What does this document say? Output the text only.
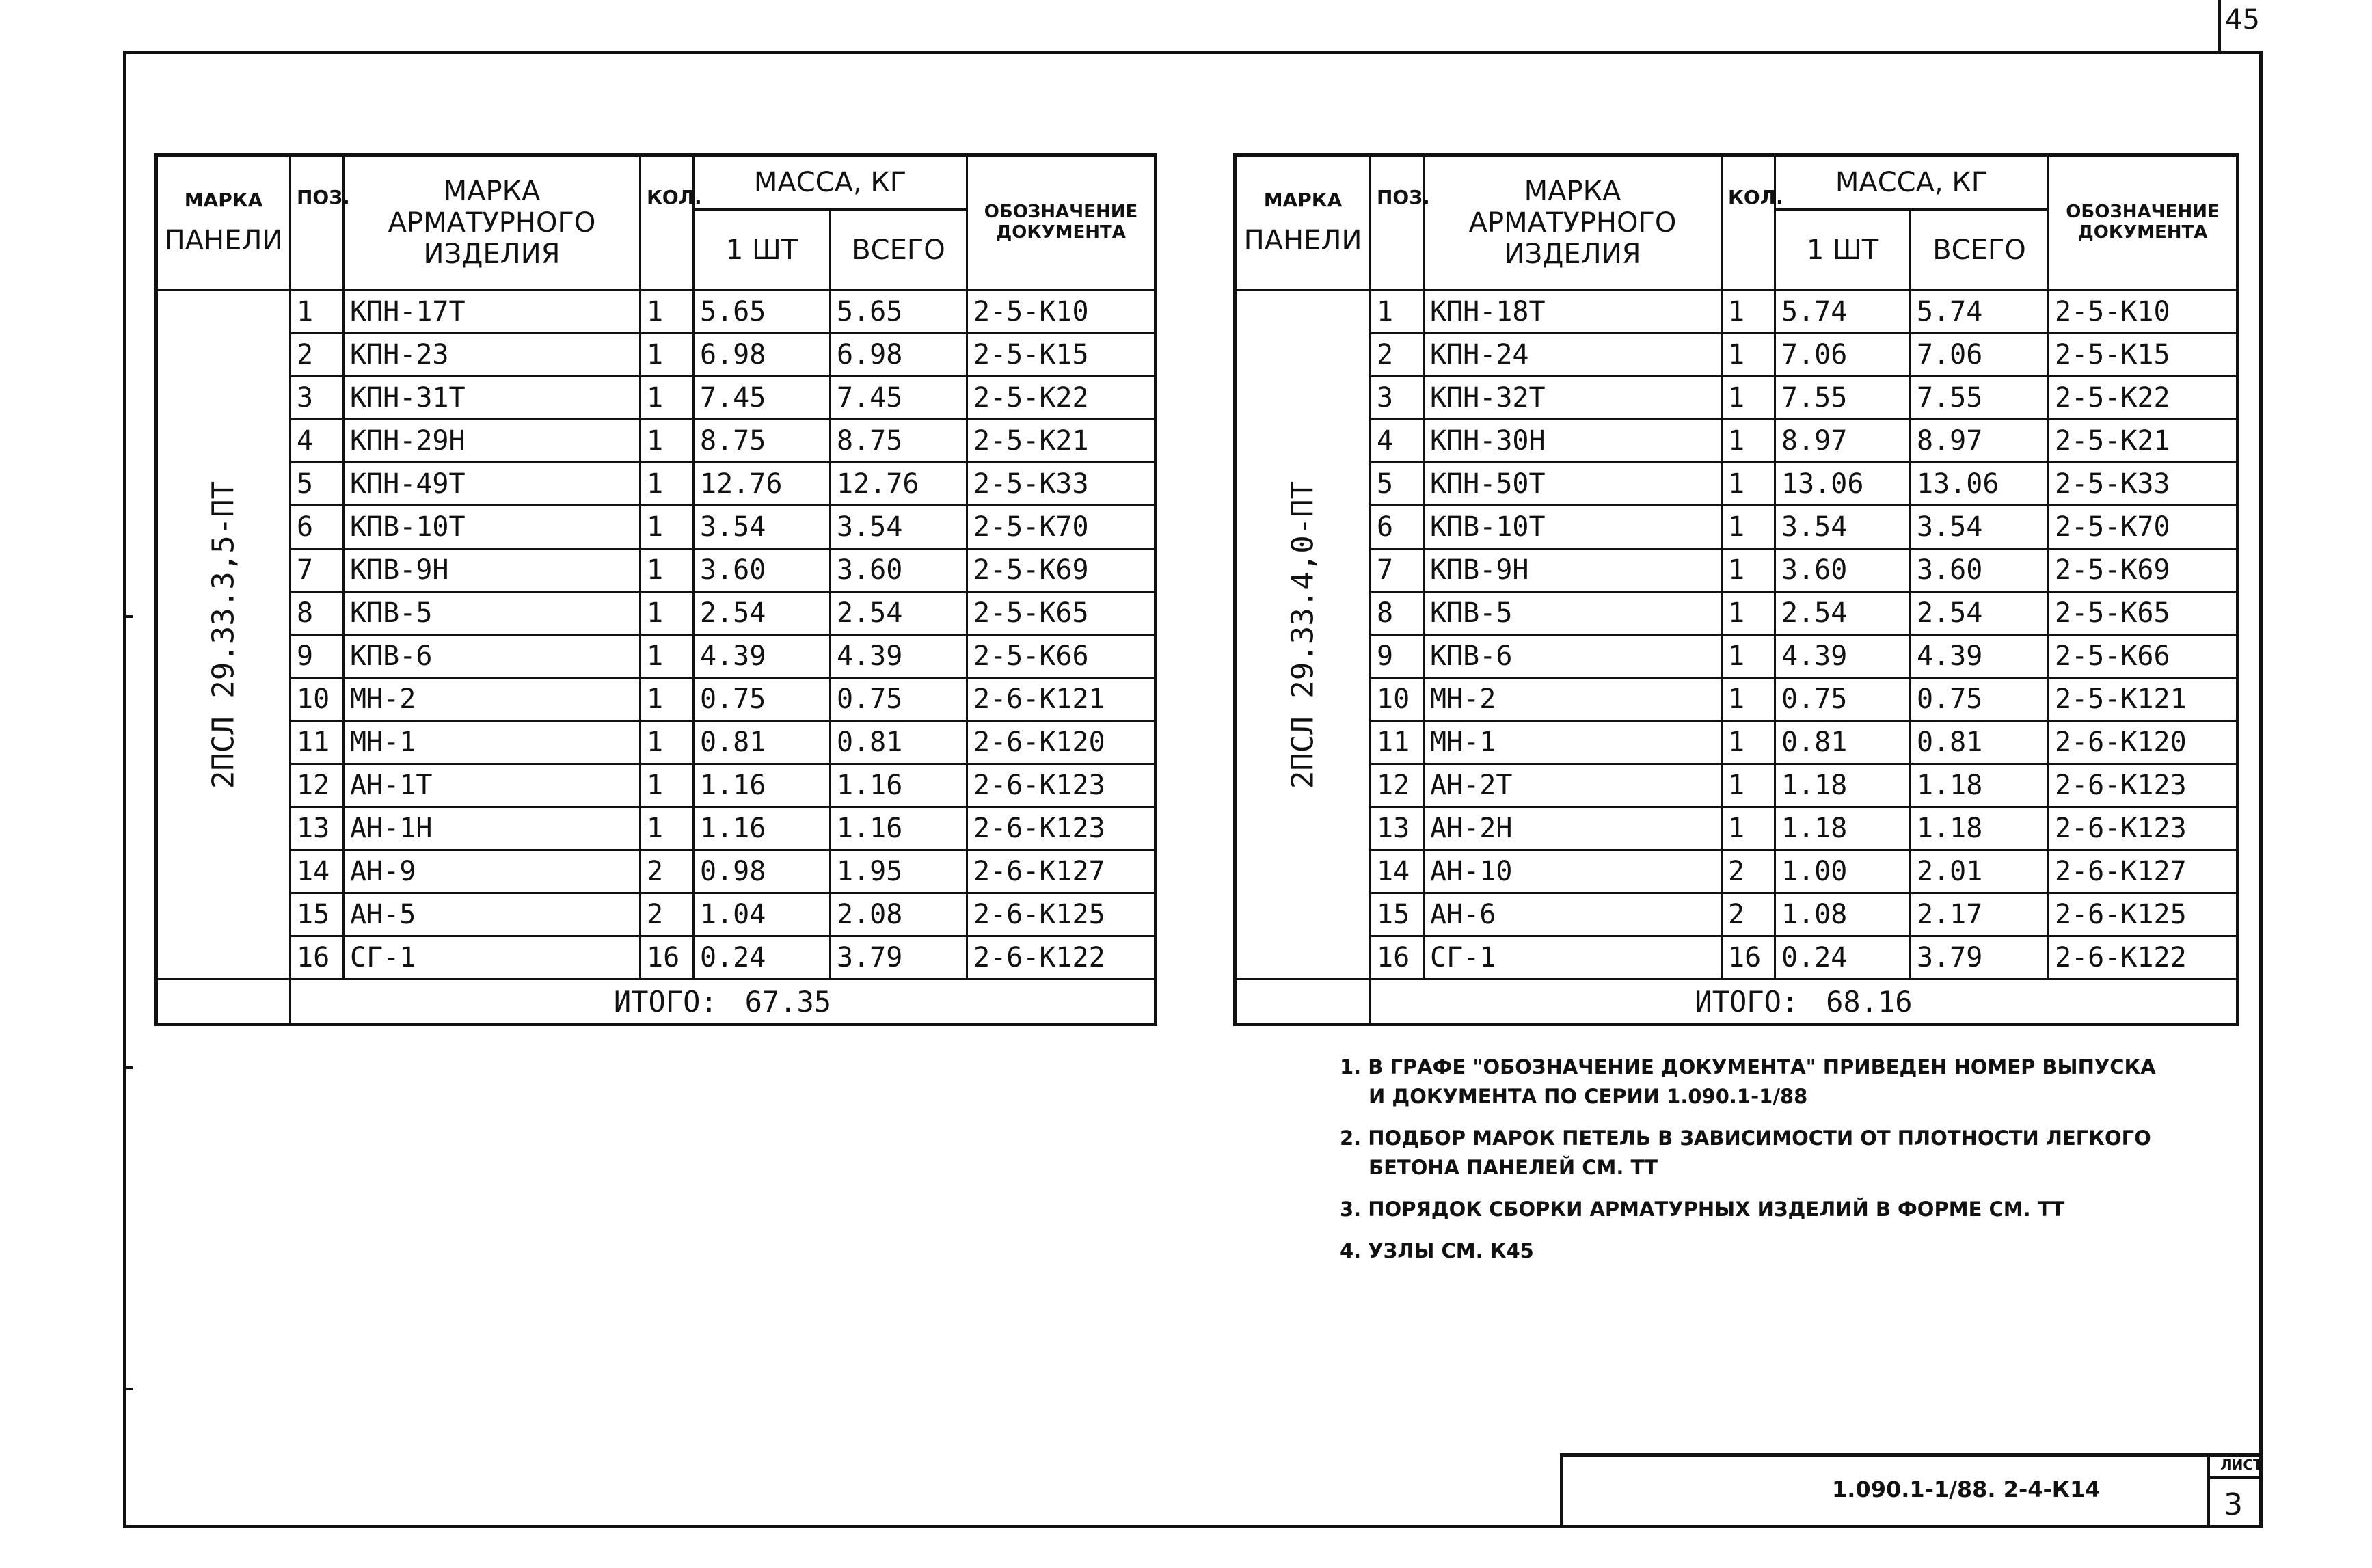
45
МАРКА
ПАНЕЛИ	ПОЗ.	МАРКА АРМАТУРНОГО ИЗДЕЛИЯ	КОЛ.	МАССА, КГ		ОБОЗНАЧЕНИЕ ДОКУМЕНТА
				1 ШТ	ВСЕГО	

2ПСЛ 29.33.3,5-ПТ	1	КПН-17Т	1	5.65	5.65	2-5-К10
	2	КПН-23	1	6.98	6.98	2-5-К15
	3	КПН-31Т	1	7.45	7.45	2-5-К22
	4	КПН-29Н	1	8.75	8.75	2-5-К21
	5	КПН-49Т	1	12.76	12.76	2-5-К33
	6	КПВ-10Т	1	3.54	3.54	2-5-К70
	7	КПВ-9Н	1	3.60	3.60	2-5-К69
	8	КПВ-5	1	2.54	2.54	2-5-К65
	9	КПВ-6	1	4.39	4.39	2-5-К66
	10	МН-2	1	0.75	0.75	2-6-К121
	11	МН-1	1	0.81	0.81	2-6-К120
	12	АН-1Т	1	1.16	1.16	2-6-К123
	13	АН-1Н	1	1.16	1.16	2-6-К123
	14	АН-9	2	0.98	1.95	2-6-К127
	15	АН-5	2	1.04	2.08	2-6-К125
	16	СГ-1	16	0.24	3.79	2-6-К122
	ИТОГО: 67.35					
МАРКА
ПАНЕЛИ	ПОЗ.	МАРКА АРМАТУРНОГО ИЗДЕЛИЯ	КОЛ.	МАССА, КГ		ОБОЗНАЧЕНИЕ ДОКУМЕНТА
				1 ШТ	ВСЕГО	

2ПСЛ 29.33.4,0-ПТ	1	КПН-18Т	1	5.74	5.74	2-5-К10
	2	КПН-24	1	7.06	7.06	2-5-К15
	3	КПН-32Т	1	7.55	7.55	2-5-К22
	4	КПН-30Н	1	8.97	8.97	2-5-К21
	5	КПН-50Т	1	13.06	13.06	2-5-К33
	6	КПВ-10Т	1	3.54	3.54	2-5-К70
	7	КПВ-9Н	1	3.60	3.60	2-5-К69
	8	КПВ-5	1	2.54	2.54	2-5-К65
	9	КПВ-6	1	4.39	4.39	2-5-К66
	10	МН-2	1	0.75	0.75	2-5-К121
	11	МН-1	1	0.81	0.81	2-6-К120
	12	АН-2Т	1	1.18	1.18	2-6-К123
	13	АН-2Н	1	1.18	1.18	2-6-К123
	14	АН-10	2	1.00	2.01	2-6-К127
	15	АН-6	2	1.08	2.17	2-6-К125
	16	СГ-1	16	0.24	3.79	2-6-К122
	ИТОГО: 68.16					

1. В ГРАФЕ "ОБОЗНАЧЕНИЕ ДОКУМЕНТА" ПРИВЕДЕН НОМЕР ВЫПУСКА
И ДОКУМЕНТА ПО СЕРИИ 1.090.1-1/88

2. ПОДБОР МАРОК ПЕТЕЛЬ В ЗАВИСИМОСТИ ОТ ПЛОТНОСТИ ЛЕГКОГО
БЕТОНА ПАНЕЛЕЙ СМ. ТТ

3. ПОРЯДОК СБОРКИ АРМАТУРНЫХ ИЗДЕЛИЙ В ФОРМЕ СМ. ТТ

4. УЗЛЫ СМ. К45

1.090.1-1/88. 2-4-К14
ЛИСТ
3
